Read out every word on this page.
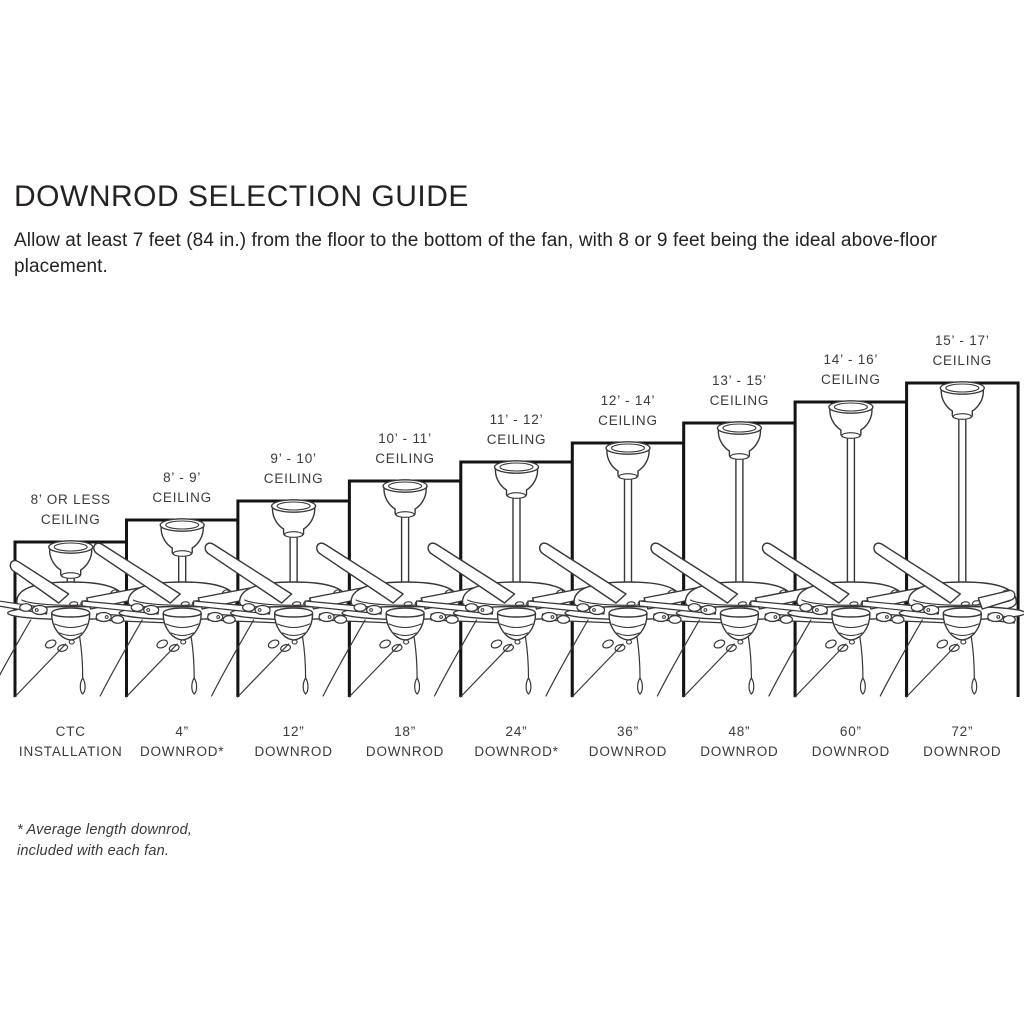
DOWNROD SELECTION GUIDE

Allow at least 7 feet (84 in.) from the floor to the bottom of the fan, with 8 or 9 feet being the ideal above-floor placement.

8’ OR LESS
CEILING
8’ - 9’
CEILING
9’ - 10’
CEILING
10’ - 11’
CEILING
11’ - 12’
CEILING
12’ - 14’
CEILING
13’ - 15’
CEILING
14’ - 16’
CEILING
15’ - 17’
CEILING
CTC
INSTALLATION
4”
DOWNROD*
12”
DOWNROD
18”
DOWNROD
24”
DOWNROD*
36”
DOWNROD
48”
DOWNROD
60”
DOWNROD
72”
DOWNROD
* Average length downrod,
included with each fan.
